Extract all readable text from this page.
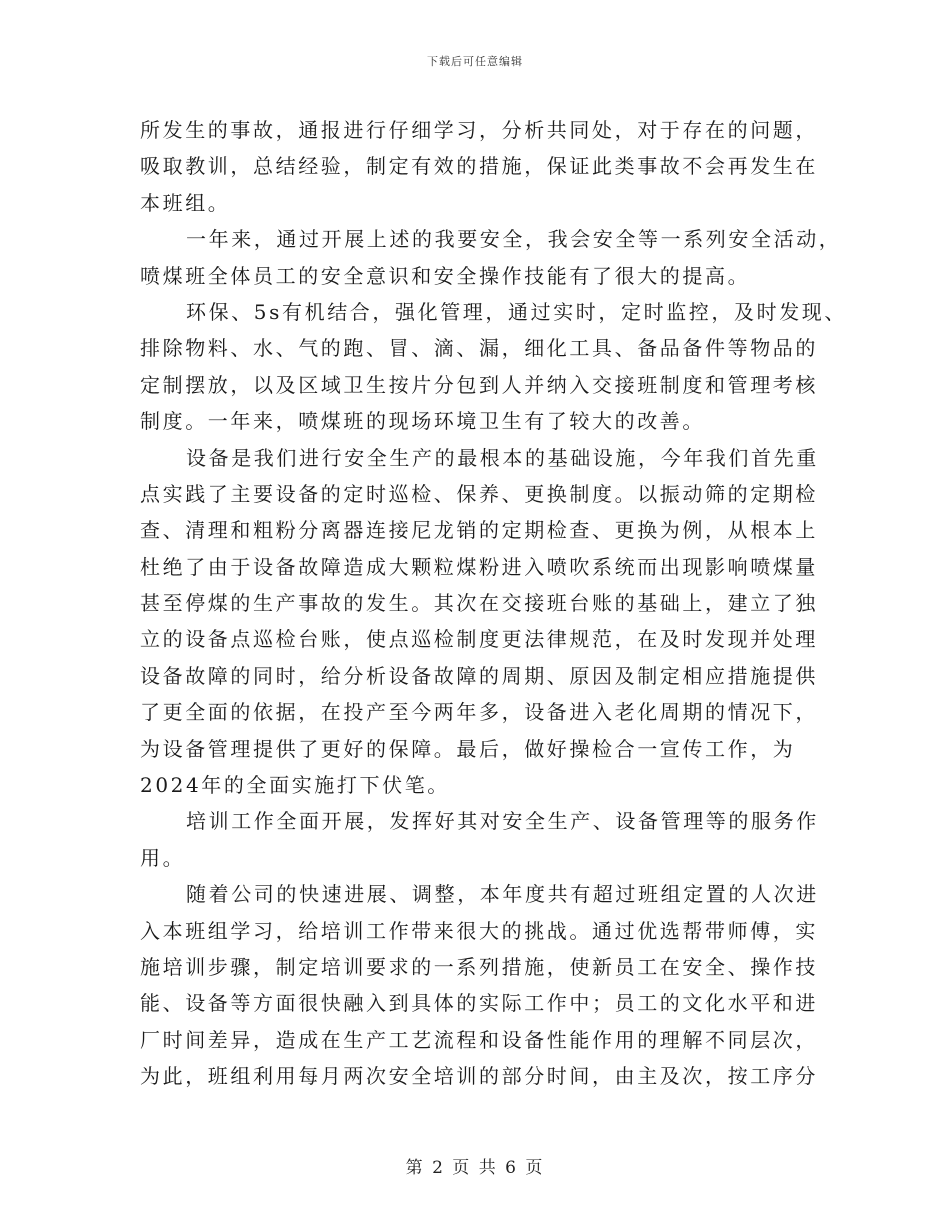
下载后可任意编辑
所发生的事故，通报进行仔细学习，分析共同处，对于存在的问题，
吸取教训，总结经验，制定有效的措施，保证此类事故不会再发生在
本班组。
一年来，通过开展上述的我要安全，我会安全等一系列安全活动，
喷煤班全体员工的安全意识和安全操作技能有了很大的提高。
环保、5s有机结合，强化管理，通过实时，定时监控，及时发现、
排除物料、水、气的跑、冒、滴、漏，细化工具、备品备件等物品的
定制摆放，以及区域卫生按片分包到人并纳入交接班制度和管理考核
制度。一年来，喷煤班的现场环境卫生有了较大的改善。
设备是我们进行安全生产的最根本的基础设施，今年我们首先重
点实践了主要设备的定时巡检、保养、更换制度。以振动筛的定期检
查、清理和粗粉分离器连接尼龙销的定期检查、更换为例，从根本上
杜绝了由于设备故障造成大颗粒煤粉进入喷吹系统而出现影响喷煤量
甚至停煤的生产事故的发生。其次在交接班台账的基础上，建立了独
立的设备点巡检台账，使点巡检制度更法律规范，在及时发现并处理
设备故障的同时，给分析设备故障的周期、原因及制定相应措施提供
了更全面的依据，在投产至今两年多，设备进入老化周期的情况下，
为设备管理提供了更好的保障。最后，做好操检合一宣传工作，为
2024年的全面实施打下伏笔。
培训工作全面开展，发挥好其对安全生产、设备管理等的服务作
用。
随着公司的快速进展、调整，本年度共有超过班组定置的人次进
入本班组学习，给培训工作带来很大的挑战。通过优选帮带师傅，实
施培训步骤，制定培训要求的一系列措施，使新员工在安全、操作技
能、设备等方面很快融入到具体的实际工作中；员工的文化水平和进
厂时间差异，造成在生产工艺流程和设备性能作用的理解不同层次，
为此，班组利用每月两次安全培训的部分时间，由主及次，按工序分
第 2 页 共 6 页
